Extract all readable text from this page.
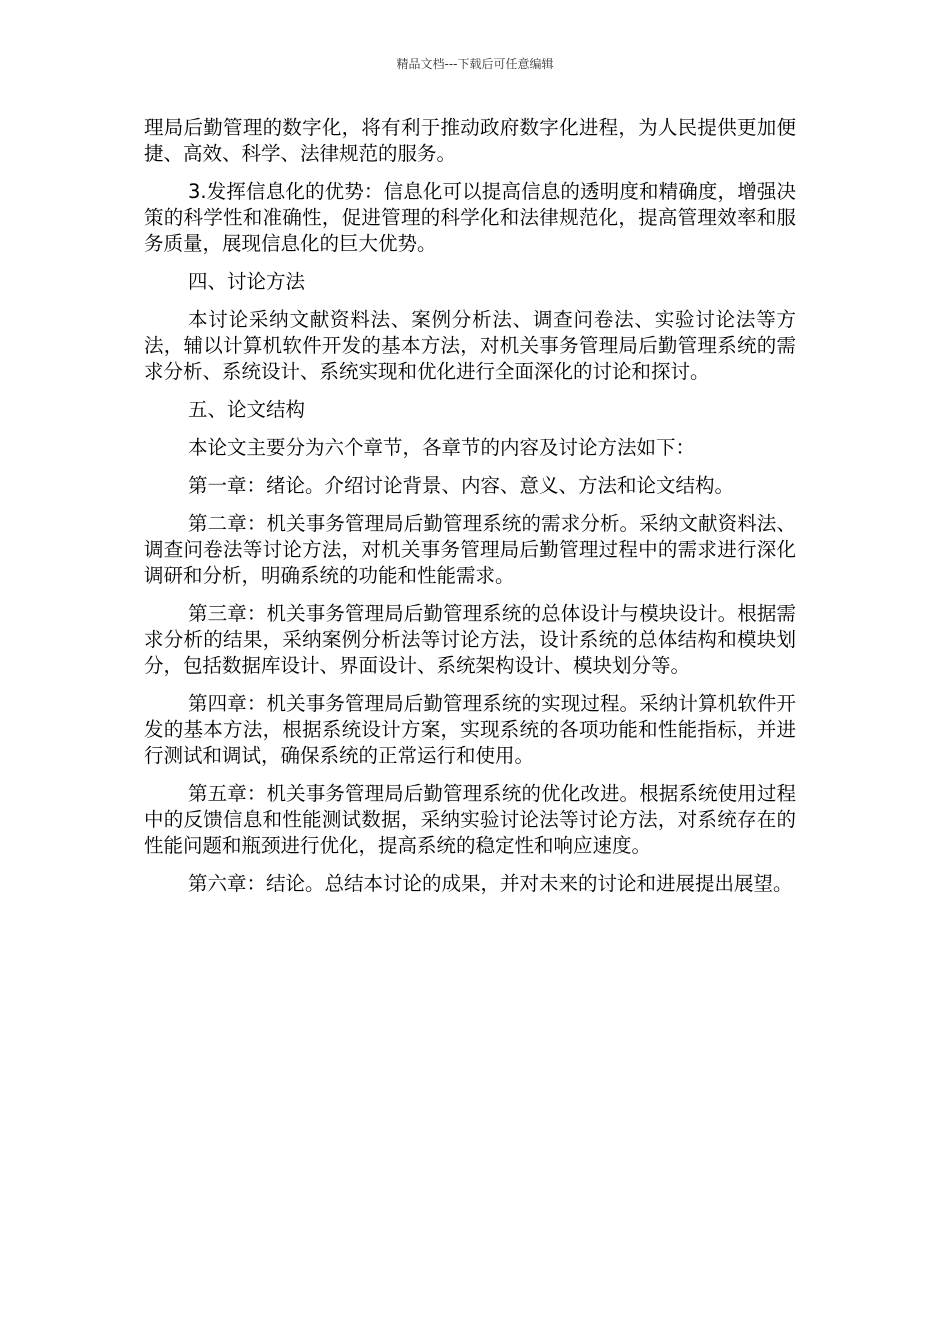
精品文档---下载后可任意编辑

理局后勤管理的数字化，将有利于推动政府数字化进程，为人民提供更加便捷、高效、科学、法律规范的服务。

3.发挥信息化的优势：信息化可以提高信息的透明度和精确度，增强决策的科学性和准确性，促进管理的科学化和法律规范化，提高管理效率和服务质量，展现信息化的巨大优势。

四、讨论方法

本讨论采纳文献资料法、案例分析法、调查问卷法、实验讨论法等方法，辅以计算机软件开发的基本方法，对机关事务管理局后勤管理系统的需求分析、系统设计、系统实现和优化进行全面深化的讨论和探讨。

五、论文结构

本论文主要分为六个章节，各章节的内容及讨论方法如下：

第一章：绪论。介绍讨论背景、内容、意义、方法和论文结构。

第二章：机关事务管理局后勤管理系统的需求分析。采纳文献资料法、调查问卷法等讨论方法，对机关事务管理局后勤管理过程中的需求进行深化调研和分析，明确系统的功能和性能需求。

第三章：机关事务管理局后勤管理系统的总体设计与模块设计。根据需求分析的结果，采纳案例分析法等讨论方法，设计系统的总体结构和模块划分，包括数据库设计、界面设计、系统架构设计、模块划分等。

第四章：机关事务管理局后勤管理系统的实现过程。采纳计算机软件开发的基本方法，根据系统设计方案，实现系统的各项功能和性能指标，并进行测试和调试，确保系统的正常运行和使用。

第五章：机关事务管理局后勤管理系统的优化改进。根据系统使用过程中的反馈信息和性能测试数据，采纳实验讨论法等讨论方法，对系统存在的性能问题和瓶颈进行优化，提高系统的稳定性和响应速度。

第六章：结论。总结本讨论的成果，并对未来的讨论和进展提出展望。
